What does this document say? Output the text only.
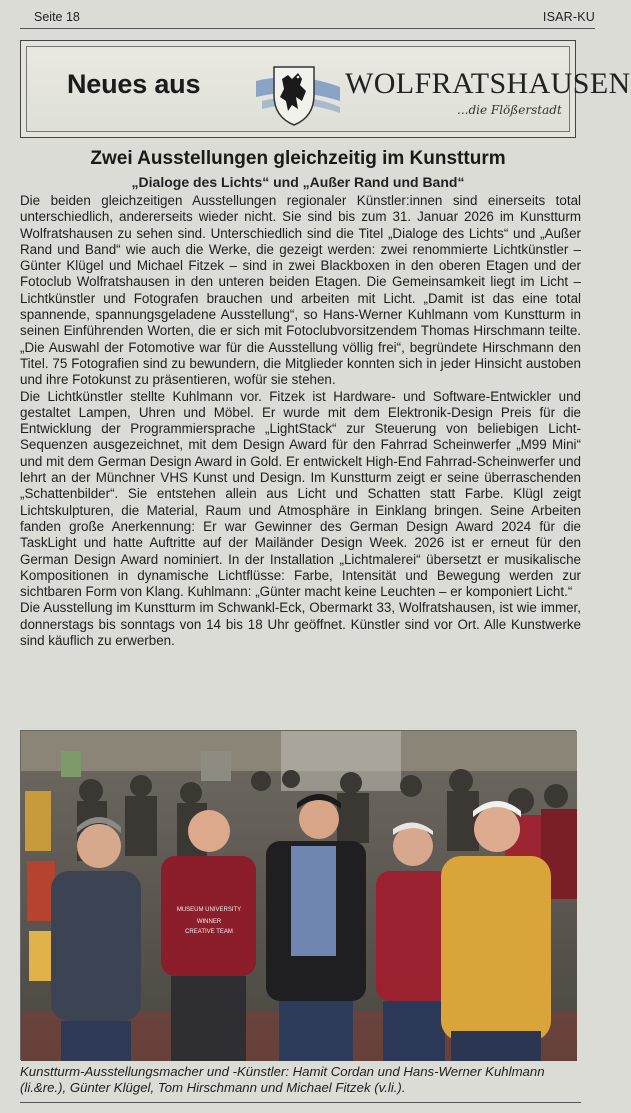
Seite 18	ISAR-KU
Neues aus	WOLFRATSHAUSEN
...die Flößerstadt
Zwei Ausstellungen gleichzeitig im Kunstturm
„Dialoge des Lichts“ und „Außer Rand und Band“

Die beiden gleichzeitigen Ausstellungen regionaler Künstler:innen sind einerseits total unterschiedlich, andererseits wieder nicht. Sie sind bis zum 31. Januar 2026 im Kunstturm Wolfratshausen zu sehen sind. Unterschiedlich sind die Titel „Dialoge des Lichts“ und „Außer Rand und Band“ wie auch die Werke, die gezeigt werden: zwei renommierte Lichtkünstler – Günter Klügel und Michael Fitzek – sind in zwei Blackboxen in den oberen Etagen und der Fotoclub Wolfratshausen in den unteren beiden Etagen. Die Gemeinsamkeit liegt im Licht – Lichtkünstler und Fotografen brauchen und arbeiten mit Licht. „Damit ist das eine total spannende, spannungsgeladene Ausstellung“, so Hans-Werner Kuhlmann vom Kunstturm in seinen Einführenden Worten, die er sich mit Fotoclubvorsitzendem Thomas Hirschmann teilte. „Die Auswahl der Fotomotive war für die Ausstellung völlig frei“, begründete Hirschmann den Titel. 75 Fotografien sind zu bewundern, die Mitglieder konnten sich in jeder Hinsicht austoben und ihre Fotokunst zu präsentieren, wofür sie stehen.

Die Lichtkünstler stellte Kuhlmann vor. Fitzek ist Hardware- und Software-Entwickler und gestaltet Lampen, Uhren und Möbel. Er wurde mit dem Elektronik-Design Preis für die Entwicklung der Programmiersprache „LightStack“ zur Steuerung von beliebigen Licht-Sequenzen ausgezeichnet, mit dem Design Award für den Fahrrad Scheinwerfer „M99 Mini“ und mit dem German Design Award in Gold. Er entwickelt High-End Fahrrad-Scheinwerfer und lehrt an der Münchner VHS Kunst und Design. Im Kunstturm zeigt er seine überraschenden „Schattenbilder“. Sie entstehen allein aus Licht und Schatten statt Farbe. Klügl zeigt Lichtskulpturen, die Material, Raum und Atmosphäre in Einklang bringen. Seine Arbeiten fanden große Anerkennung: Er war Gewinner des German Design Award 2024 für die TaskLight und hatte Auftritte auf der Mailänder Design Week. 2026 ist er erneut für den German Design Award nominiert. In der Installation „Lichtmalerei“ übersetzt er musikalische Kompositionen in dynamische Lichtflüsse: Farbe, Intensität und Bewegung werden zur sichtbaren Form von Klang. Kuhlmann: „Günter macht keine Leuchten – er komponiert Licht.“

Die Ausstellung im Kunstturm im Schwankl-Eck, Obermarkt 33, Wolfratshausen, ist wie immer, donnerstags bis sonntags von 14 bis 18 Uhr geöffnet. Künstler sind vor Ort. Alle Kunstwerke sind käuflich zu erwerben.

MUSEUM UNIVERSITY
WINNER
CREATIVE TEAM
Kunstturm-Ausstellungsmacher und -Künstler: Hamit Cordan und Hans-Werner Kuhlmann (li.&re.), Günter Klügel, Tom Hirschmann und Michael Fitzek (v.li.).
